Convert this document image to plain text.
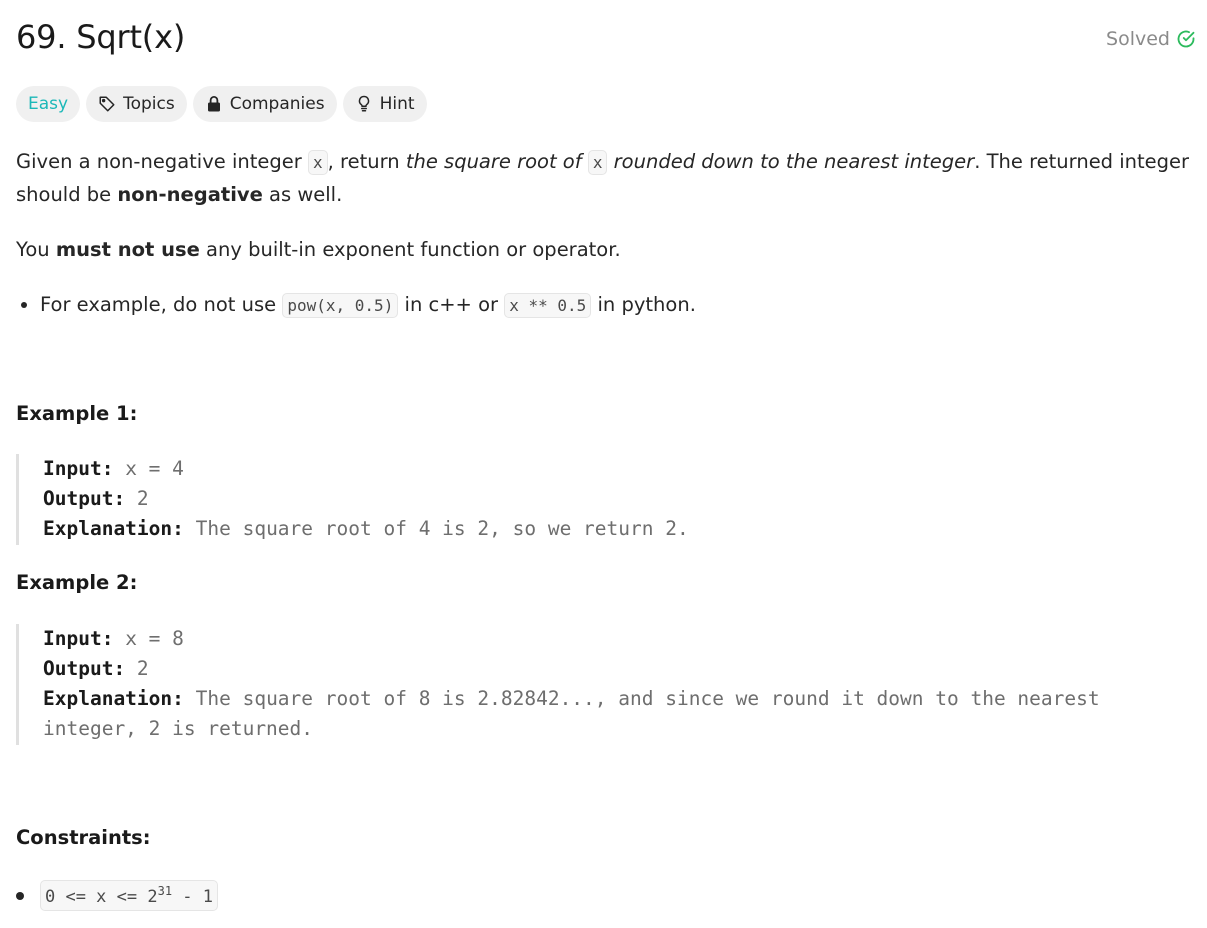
69. Sqrt(x)	Solved
Easy	Topics	Companies	Hint

Given a non-negative integer x , return the square root of x rounded down to the nearest integer. The returned integer should be non-negative as well.

You must not use any built-in exponent function or operator.

• For example, do not use pow(x, 0.5) in c++ or x ** 0.5 in python.
Example 1:
Input: x = 4
Output: 2
Explanation: The square root of 4 is 2, so we return 2.
Example 2:
Input: x = 8
Output: 2
Explanation: The square root of 8 is 2.82842..., and since we round it down to the nearest
integer, 2 is returned.
Constraints:
$0 <= x <= 2^{31} - 1$
